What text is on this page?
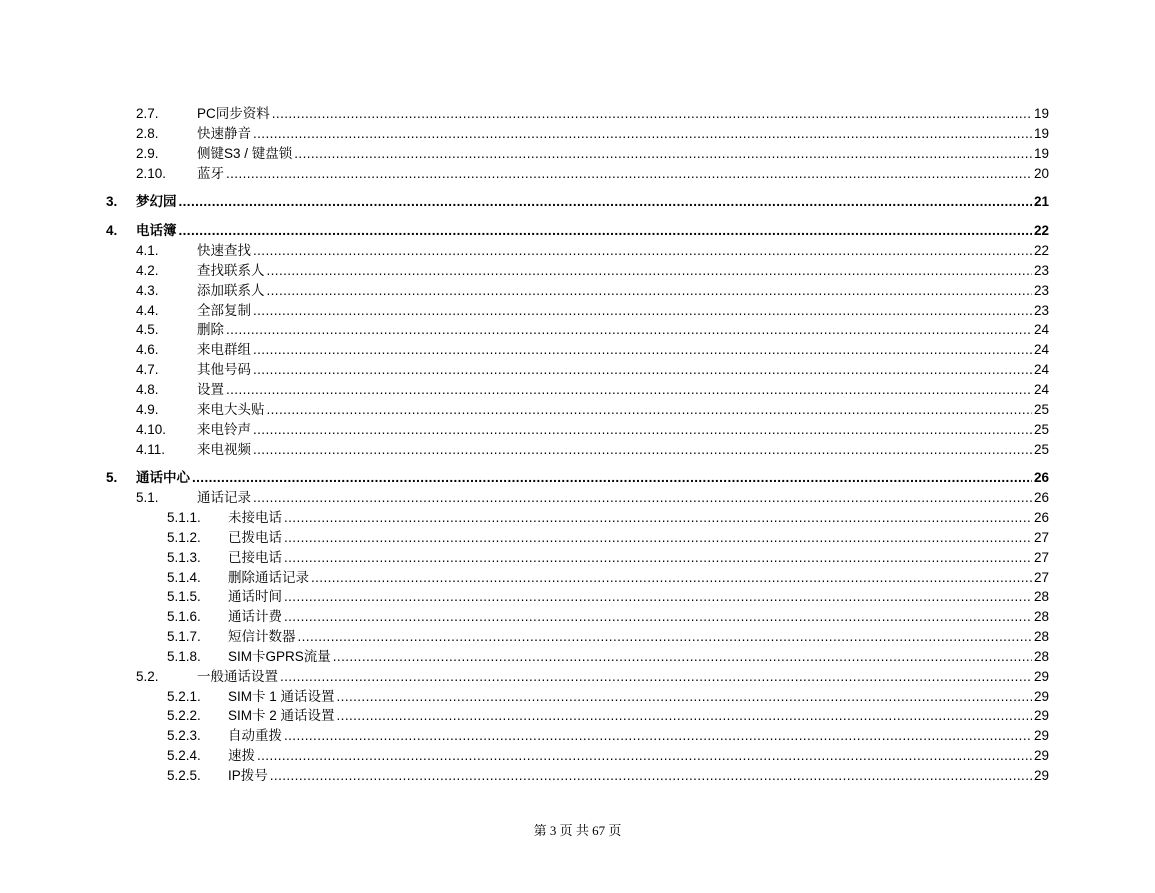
2.7.	PC同步资料 .....	19
2.8.	快速静音 .....	19
2.9.	侧键S3 / 键盘锁 .....	19
2.10. 蓝牙 .....	20
3. 梦幻园 .....	21
4. 电话簿 .....	22
4.1.	快速查找 .....	22
4.2.	查找联系人 .....	23
4.3.	添加联系人 .....	23
4.4.	全部复制 .....	23
4.5.	删除 .....	24
4.6.	来电群组 .....	24
4.7.	其他号码 .....	24
4.8.	设置 .....	24
4.9.	来电大头贴 .....	25
4.10. 来电铃声 .....	25
4.11. 来电视频 .....	25
5. 通话中心 .....	26
5.1.	通话记录 .....	26
5.1.1. 未接电话 .....	26
5.1.2. 已拨电话 .....	27
5.1.3. 已接电话 .....	27
5.1.4. 删除通话记录 .....	27
5.1.5. 通话时间 .....	28
5.1.6. 通话计费 .....	28
5.1.7. 短信计数器 .....	28
5.1.8. SIM卡GPRS流量 .....	28
5.2.	一般通话设置 .....	29
5.2.1. SIM卡 1 通话设置 .....	29
5.2.2. SIM卡 2 通话设置 .....	29
5.2.3. 自动重拨 .....	29
5.2.4. 速拨 .....	29
5.2.5. IP拨号 .....	29
第 3 页 共 67 页
